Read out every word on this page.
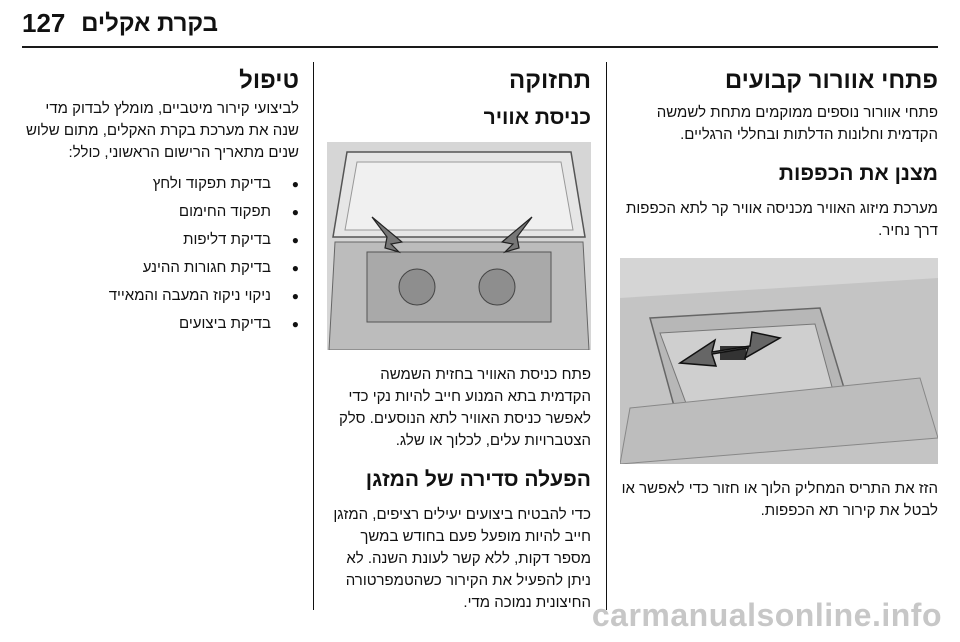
127 בקרת אקלים
פתחי אוורור קבועים

פתחי אוורור נוספים ממוקמים מתחת לשמשה הקדמית וחלונות הדלתות ובחללי הרגליים.

מצנן את הכפפות

מערכת מיזוג האוויר מכניסה אוויר קר לתא הכפפות דרך נחיר.

הזז את התריס המחליק הלוך או חזור כדי לאפשר או לבטל את קירור תא הכפפות.

תחזוקה
כניסת אוויר

פתח כניסת האוויר בחזית השמשה הקדמית בתא המנוע חייב להיות נקי כדי לאפשר כניסת האוויר לתא הנוסעים. סלק הצטברויות עלים, לכלוך או שלג.

הפעלה סדירה של המזגן

כדי להבטיח ביצועים יעילים רציפים, המזגן חייב להיות מופעל פעם בחודש במשך מספר דקות, ללא קשר לעונת השנה. לא ניתן להפעיל את הקירור כשהטמפרטורה החיצונית נמוכה מדי.

טיפול

לביצועי קירור מיטביים, מומלץ לבדוק מדי שנה את מערכת בקרת האקלים, מתום שלוש שנים מתאריך הרישום הראשוני, כולל:

● בדיקת תפקוד ולחץ
● תפקוד החימום
● בדיקת דליפות
● בדיקת חגורות ההינע
● ניקוי ניקוז המעבה והמאייד
● בדיקת ביצועים
carmanualsonline.info
